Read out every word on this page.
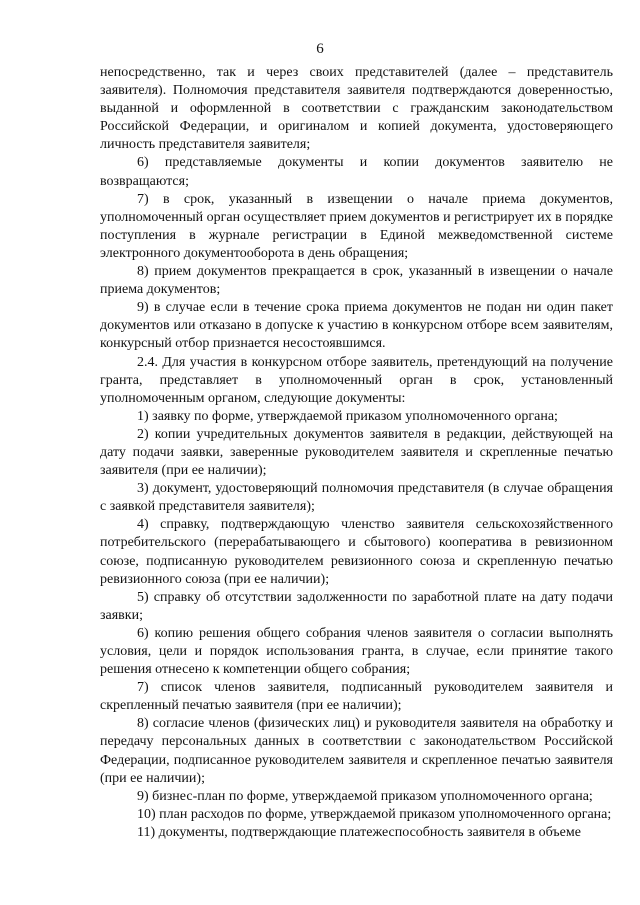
6

непосредственно, так и через своих представителей (далее – представитель заявителя). Полномочия представителя заявителя подтверждаются доверенностью, выданной и оформленной в соответствии с гражданским законодательством Российской Федерации, и оригиналом и копией документа, удостоверяющего личность представителя заявителя;

6) представляемые документы и копии документов заявителю не возвращаются;

7) в срок, указанный в извещении о начале приема документов, уполномоченный орган осуществляет прием документов и регистрирует их в порядке поступления в журнале регистрации в Единой межведомственной системе электронного документооборота в день обращения;

8) прием документов прекращается в срок, указанный в извещении о начале приема документов;

9) в случае если в течение срока приема документов не подан ни один пакет документов или отказано в допуске к участию в конкурсном отборе всем заявителям, конкурсный отбор признается несостоявшимся.

2.4. Для участия в конкурсном отборе заявитель, претендующий на получение гранта, представляет в уполномоченный орган в срок, установленный уполномоченным органом, следующие документы:

1) заявку по форме, утверждаемой приказом уполномоченного органа;

2) копии учредительных документов заявителя в редакции, действующей на дату подачи заявки, заверенные руководителем заявителя и скрепленные печатью заявителя (при ее наличии);

3) документ, удостоверяющий полномочия представителя (в случае обращения с заявкой представителя заявителя);

4) справку, подтверждающую членство заявителя сельскохозяйственного потребительского (перерабатывающего и сбытового) кооператива в ревизионном союзе, подписанную руководителем ревизионного союза и скрепленную печатью ревизионного союза (при ее наличии);

5) справку об отсутствии задолженности по заработной плате на дату подачи заявки;

6) копию решения общего собрания членов заявителя о согласии выполнять условия, цели и порядок использования гранта, в случае, если принятие такого решения отнесено к компетенции общего собрания;

7) список членов заявителя, подписанный руководителем заявителя и скрепленный печатью заявителя (при ее наличии);

8) согласие членов (физических лиц) и руководителя заявителя на обработку и передачу персональных данных в соответствии с законодательством Российской Федерации, подписанное руководителем заявителя и скрепленное печатью заявителя (при ее наличии);

9) бизнес-план по форме, утверждаемой приказом уполномоченного органа;

10) план расходов по форме, утверждаемой приказом уполномоченного органа;

11) документы, подтверждающие платежеспособность заявителя в объеме
